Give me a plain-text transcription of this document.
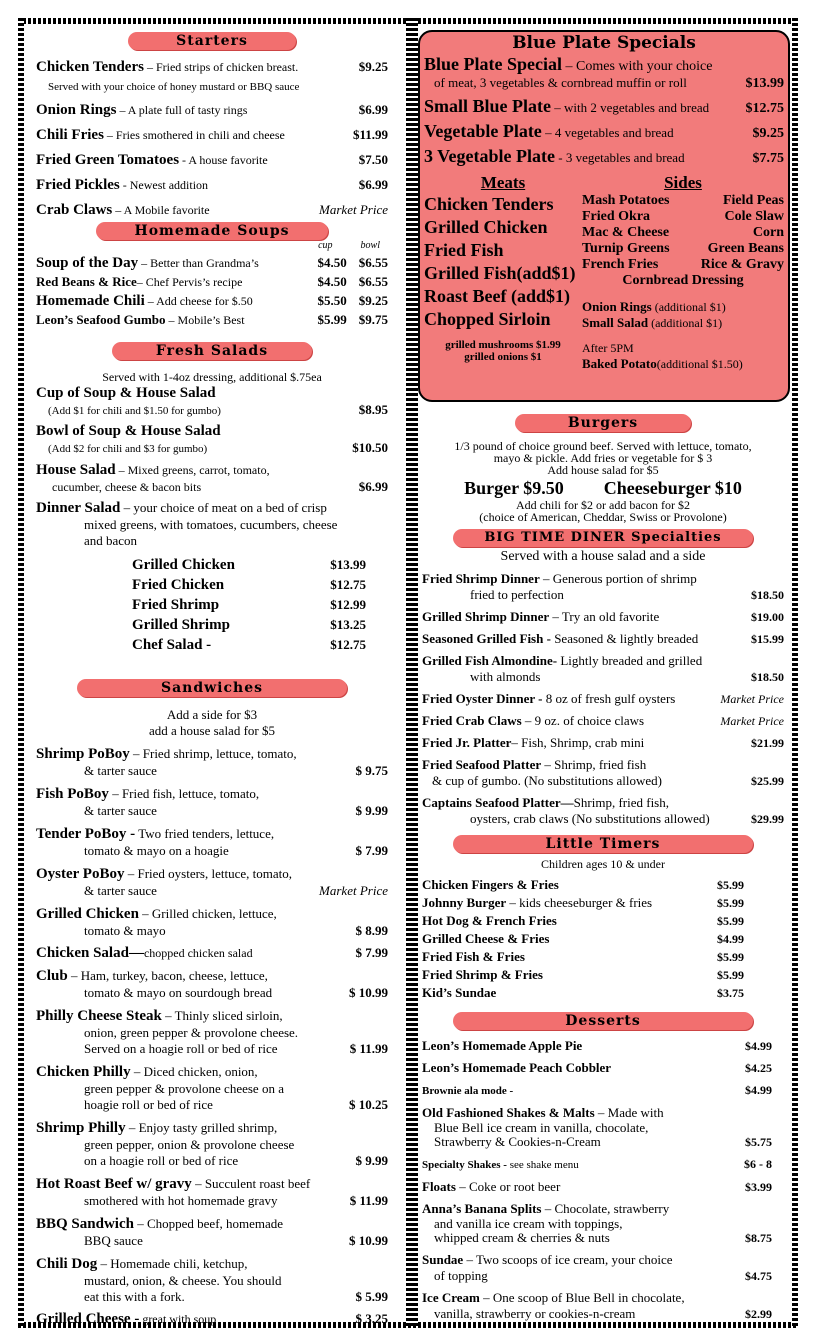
Starters
Chicken Tenders – Fried strips of chicken breast.	$9.25
Served with your choice of honey mustard or BBQ sauce
Onion Rings – A plate full of tasty rings	$6.99
Chili Fries – Fries smothered in chili and cheese	$11.99
Fried Green Tomatoes - A house favorite	$7.50
Fried Pickles - Newest addition	$6.99
Crab Claws – A Mobile favorite	Market Price
Homemade Soups
cup	bowl
Soup of the Day – Better than Grandma’s	$4.50 $6.55
Red Beans & Rice– Chef Pervis’s recipe	$4.50 $6.55
Homemade Chili – Add cheese for $.50	$5.50 $9.25
Leon’s Seafood Gumbo – Mobile’s Best	$5.99 $9.75
Fresh Salads
Served with 1-4oz dressing, additional $.75ea
Cup of Soup & House Salad
(Add $1 for chili and $1.50 for gumbo)	$8.95
Bowl of Soup & House Salad
(Add $2 for chili and $3 for gumbo)	$10.50
House Salad – Mixed greens, carrot, tomato,
cucumber, cheese & bacon bits	$6.99
Dinner Salad – your choice of meat on a bed of crisp
mixed greens, with tomatoes, cucumbers, cheese
and bacon
Grilled Chicken	$13.99
Fried Chicken	$12.75
Fried Shrimp	$12.99
Grilled Shrimp	$13.25
Chef Salad -	$12.75
Sandwiches
Add a side for $3
add a house salad for $5
Shrimp PoBoy – Fried shrimp, lettuce, tomato,
& tarter sauce	$ 9.75
Fish PoBoy – Fried fish, lettuce, tomato,
& tarter sauce	$ 9.99
Tender PoBoy - Two fried tenders, lettuce,
tomato & mayo on a hoagie	$ 7.99
Oyster PoBoy – Fried oysters, lettuce, tomato,
& tarter sauce	Market Price
Grilled Chicken – Grilled chicken, lettuce,
tomato & mayo	$ 8.99
Chicken Salad—chopped chicken salad	$ 7.99
Club – Ham, turkey, bacon, cheese, lettuce,
tomato & mayo on sourdough bread	$ 10.99
Philly Cheese Steak – Thinly sliced sirloin,
onion, green pepper & provolone cheese.
Served on a hoagie roll or bed of rice	$ 11.99
Chicken Philly – Diced chicken, onion,
green pepper & provolone cheese on a
hoagie roll or bed of rice	$ 10.25
Shrimp Philly – Enjoy tasty grilled shrimp,
green pepper, onion & provolone cheese
on a hoagie roll or bed of rice	$ 9.99
Hot Roast Beef w/ gravy – Succulent roast beef
smothered with hot homemade gravy	$ 11.99
BBQ Sandwich – Chopped beef, homemade
BBQ sauce	$ 10.99
Chili Dog – Homemade chili, ketchup,
mustard, onion, & cheese. You should
eat this with a fork.	$ 5.99
Grilled Cheese - great with soup	$ 3.25
Blue Plate Specials
Blue Plate Special – Comes with your choice
of meat, 3 vegetables & cornbread muffin or roll	$13.99
Small Blue Plate – with 2 vegetables and bread	$12.75
Vegetable Plate – 4 vegetables and bread	$9.25
3 Vegetable Plate - 3 vegetables and bread	$7.75
Meats
Chicken Tenders
Grilled Chicken
Fried Fish
Grilled Fish(add$1)
Roast Beef (add$1)
Chopped Sirloin
grilled mushrooms $1.99
grilled onions $1
Sides
Mash Potatoes	Field Peas
Fried Okra	Cole Slaw
Mac & Cheese	Corn
Turnip Greens	Green Beans
French Fries	Rice & Gravy
Cornbread Dressing
Onion Rings (additional $1)
Small Salad (additional $1)
After 5PM
Baked Potato(additional $1.50)
Burgers
1/3 pound of choice ground beef. Served with lettuce, tomato,
mayo & pickle. Add fries or vegetable for $ 3
Add house salad for $5
Burger $9.50 Cheeseburger $10
Add chili for $2 or add bacon for $2
(choice of American, Cheddar, Swiss or Provolone)
BIG TIME DINER Specialties
Served with a house salad and a side
Fried Shrimp Dinner – Generous portion of shrimp
fried to perfection	$18.50
Grilled Shrimp Dinner – Try an old favorite	$19.00
Seasoned Grilled Fish - Seasoned & lightly breaded	$15.99
Grilled Fish Almondine- Lightly breaded and grilled
with almonds	$18.50
Fried Oyster Dinner - 8 oz of fresh gulf oysters	Market Price
Fried Crab Claws – 9 oz. of choice claws	Market Price
Fried Jr. Platter– Fish, Shrimp, crab mini	$21.99
Fried Seafood Platter – Shrimp, fried fish
& cup of gumbo. (No substitutions allowed)	$25.99
Captains Seafood Platter—Shrimp, fried fish,
oysters, crab claws (No substitutions allowed)	$29.99
Little Timers
Children ages 10 & under
Chicken Fingers & Fries	$5.99
Johnny Burger – kids cheeseburger & fries	$5.99
Hot Dog & French Fries	$5.99
Grilled Cheese & Fries	$4.99
Fried Fish & Fries	$5.99
Fried Shrimp & Fries	$5.99
Kid’s Sundae	$3.75
Desserts
Leon’s Homemade Apple Pie	$4.99
Leon’s Homemade Peach Cobbler	$4.25
Brownie ala mode -	$4.99
Old Fashioned Shakes & Malts – Made with
Blue Bell ice cream in vanilla, chocolate,
Strawberry & Cookies-n-Cream	$5.75
Specialty Shakes - see shake menu	$6 - 8
Floats – Coke or root beer	$3.99
Anna’s Banana Splits – Chocolate, strawberry
and vanilla ice cream with toppings,
whipped cream & cherries & nuts	$8.75
Sundae – Two scoops of ice cream, your choice
of topping	$4.75
Ice Cream – One scoop of Blue Bell in chocolate,
vanilla, strawberry or cookies-n-cream	$2.99
